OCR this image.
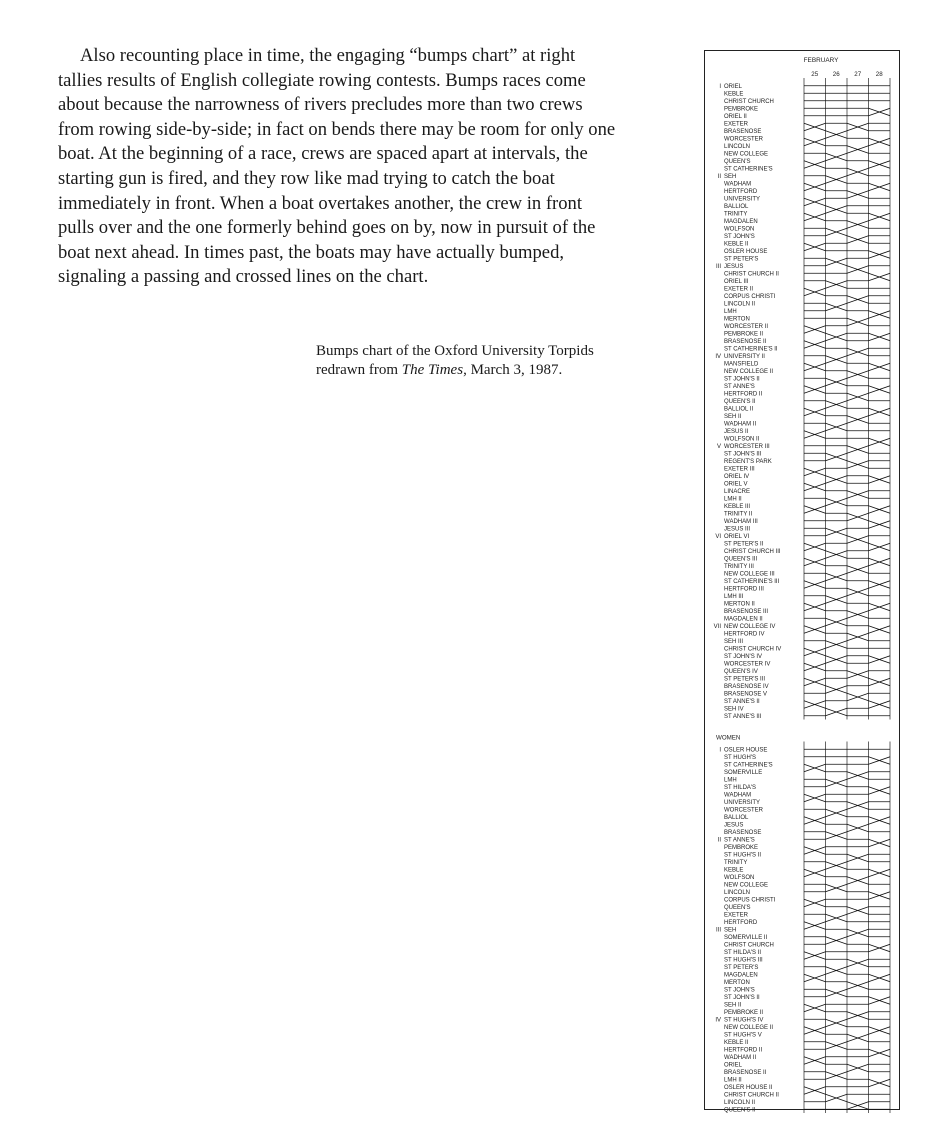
Also recounting place in time, the engaging “bumps chart” at right tallies results of English collegiate rowing contests. Bumps races come about because the narrowness of rivers precludes more than two crews from rowing side-by-side; in fact on bends there may be room for only one boat. At the beginning of a race, crews are spaced apart at intervals, the starting gun is fired, and they row like mad trying to catch the boat immediately in front. When a boat overtakes another, the crew in front pulls over and the one formerly behind goes on by, now in pursuit of the boat next ahead. In times past, the boats may have actually bumped, signaling a passing and crossed lines on the chart.

Bumps chart of the Oxford University Torpids redrawn from The Times, March 3, 1987.

FEBRUARY
25 26 27 28
ORIEL
KEBLE
CHRIST CHURCH
PEMBROKE
ORIEL II
EXETER
BRASENOSE
WORCESTER
LINCOLN
NEW COLLEGE
QUEEN'S
ST CATHERINE'S
SEH
WADHAM
HERTFORD
UNIVERSITY
BALLIOL
TRINITY
MAGDALEN
WOLFSON
ST JOHN'S
KEBLE II
OSLER HOUSE
ST PETER'S
JESUS
CHRIST CHURCH II
ORIEL III
EXETER II
CORPUS CHRISTI
LINCOLN II
LMH
MERTON
WORCESTER II
PEMBROKE II
BRASENOSE II
ST CATHERINE'S II
UNIVERSITY II
MANSFIELD
NEW COLLEGE II
ST JOHN'S II
ST ANNE'S
HERTFORD II
QUEEN'S II
BALLIOL II
SEH II
WADHAM II
JESUS II
WOLFSON II
WORCESTER III
ST JOHN'S III
REGENT'S PARK
EXETER III
ORIEL IV
ORIEL V
LINACRE
LMH II
KEBLE III
TRINITY II
WADHAM III
JESUS III
ORIEL VI
ST PETER'S II
CHRIST CHURCH III
QUEEN'S III
TRINITY III
NEW COLLEGE III
ST CATHERINE'S III
HERTFORD III
LMH III
MERTON II
BRASENOSE III
MAGDALEN II
NEW COLLEGE IV
HERTFORD IV
SEH III
CHRIST CHURCH IV
ST JOHN'S IV
WORCESTER IV
QUEEN'S IV
ST PETER'S III
BRASENOSE IV
BRASENOSE V
ST ANNE'S II
SEH IV
ST ANNE'S III
I
II
III
IV
V
VI
VII
WOMEN
OSLER HOUSE
ST HUGH'S
ST CATHERINE'S
SOMERVILLE
LMH
ST HILDA'S
WADHAM
UNIVERSITY
WORCESTER
BALLIOL
JESUS
BRASENOSE
ST ANNE'S
PEMBROKE
ST HUGH'S II
TRINITY
KEBLE
WOLFSON
NEW COLLEGE
LINCOLN
CORPUS CHRISTI
QUEEN'S
EXETER
HERTFORD
SEH
SOMERVILLE II
CHRIST CHURCH
ST HILDA'S II
ST HUGH'S III
ST PETER'S
MAGDALEN
MERTON
ST JOHN'S
ST JOHN'S II
SEH II
PEMBROKE II
ST HUGH'S IV
NEW COLLEGE II
ST HUGH'S V
KEBLE II
HERTFORD II
WADHAM II
ORIEL
BRASENOSE II
LMH II
OSLER HOUSE II
CHRIST CHURCH II
LINCOLN II
QUEEN'S II
I
II
III
IV
